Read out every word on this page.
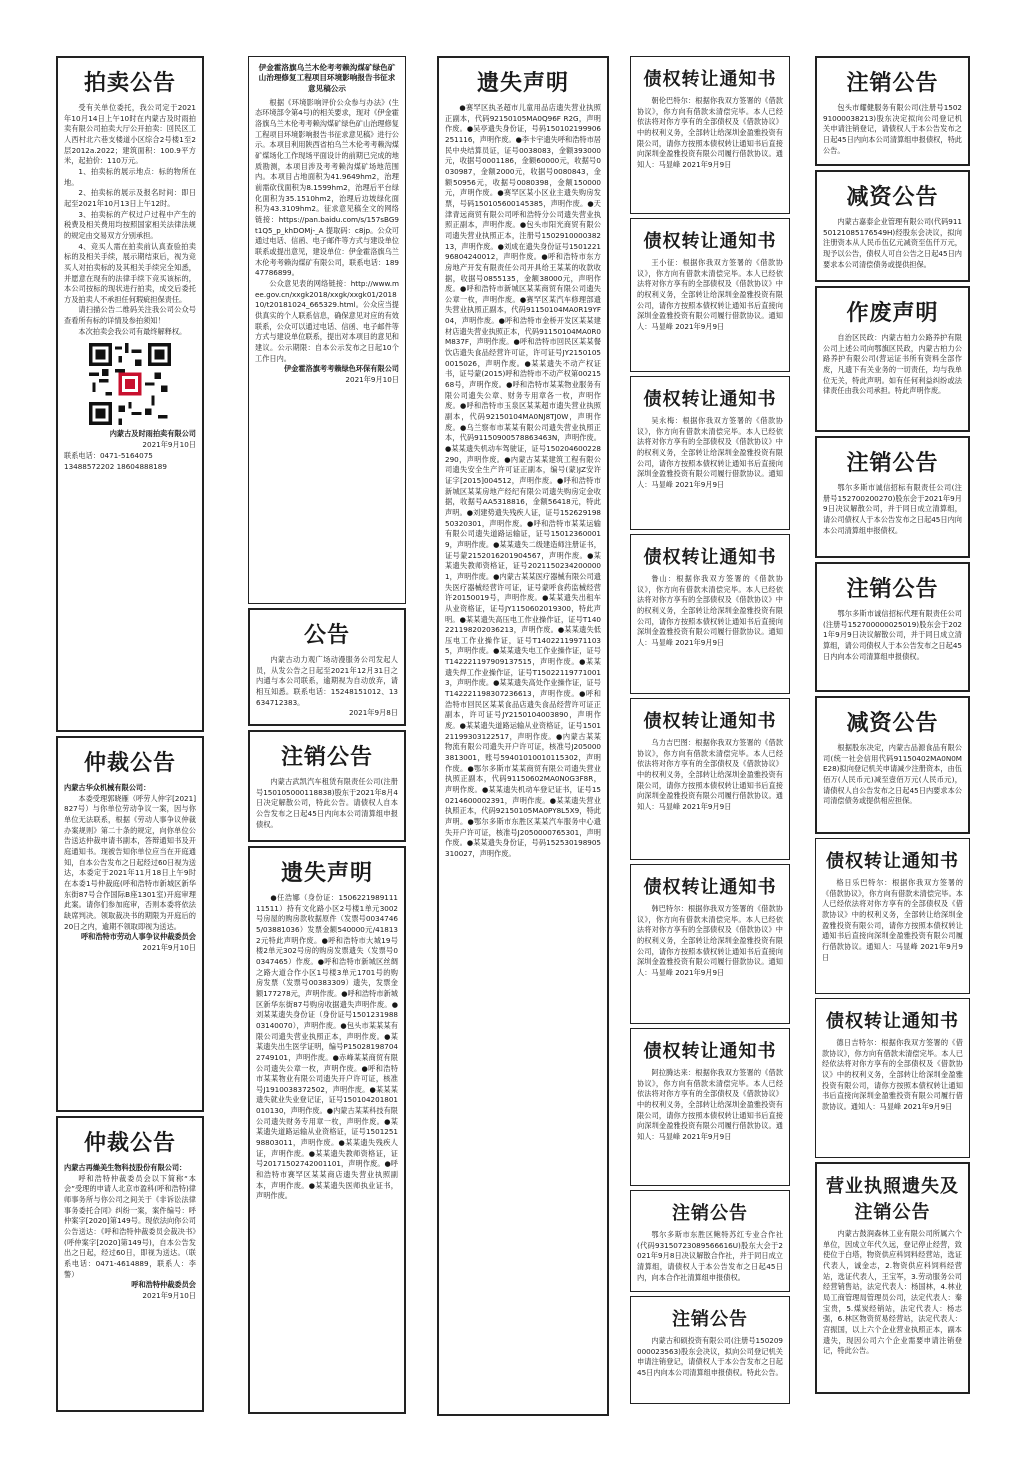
拍卖公告

受有关单位委托，我公司定于2021年10月14日上午10时在内蒙古及时雨拍卖有限公司拍卖大厅公开拍卖：回民区工人西村北六巷支楼道小区综合2号楼1至2层2012a.2022；建筑面积：100.9平方米，起拍价：110万元。

1、拍卖标的展示地点：标的物所在地。

2、拍卖标的展示及报名时间：即日起至2021年10月13日上午12时。

3、拍卖标的产权过户过程中产生的税费及相关费用均按照国家相关法律法规的规定由交易双方分别承担。

4、竞买人需在拍卖前认真查验拍卖标的及相关手续，展示期结束后，视为竞买人对拍卖标的及其相关手续完全知悉，并愿意在现有的法律手续下竞买该标的，本公司按标的现状进行拍卖，成交后委托方及拍卖人不承担任何瑕疵担保责任。

请扫描公告二维码关注我公司公众号查看所有标的详情及参拍须知！

本次拍卖会我公司有最终解释权。

内蒙古及时雨拍卖有限公司
2021年9月10日
联系电话：0471-5164075
13488572202 18604888189
仲裁公告

内蒙古华众机械有限公司：

本委受理郭晓雁（呼劳人仲字[2021]827号）与你单位劳动争议一案，因与你单位无法联系，根据《劳动人事争议仲裁办案规则》第二十条的规定，向你单位公告送达仲裁申请书副本，答辩通知书及开庭通知书。现被告知你单位应当在开庭通知，自本公告发布之日起经过60日视为送达，本委定于2021年11月18日上午9时在本委1号仲裁庭(呼和浩特市新城区新华东街87号合作国际B座1301室)开庭审理此案。请你们参加庭审，否则本委将依法缺席判决。领取裁决书的期限为开庭后的20日之内，逾期不领取即视为送达。

呼和浩特市劳动人事争议仲裁委员会
2021年9月10日
仲裁公告

内蒙古再燥美生物科技股份有限公司：

呼和浩特仲裁委员会以下简称“本会”受理的申请人北京市盈科(呼和浩特)律师事务所与你公司之间关于《非诉讼法律事务委托合同》纠纷一案，案件编号：呼仲案字[2020]第149号。现依法向你公司公告送达：《呼和浩特仲裁委员会裁决书》(呼仲案字[2020]第149号)，自本公告发出之日起，经过60日，即视为送达。（联系电话：0471-4614889，联系人：李警）

呼和浩特仲裁委员会
2021年9月10日
伊金霍洛旗乌兰木伦考考赖沟煤矿绿色矿山治理修复工程项目环境影响报告书征求意见稿公示

根据《环境影响评价公众参与办法》(生态环境部令第4号)的相关要求，现对《伊金霍洛旗乌兰木伦考考赖沟煤矿绿色矿山治理修复工程项目环境影响报告书征求意见稿》进行公示。本项目利用陕西省柏乌兰木伦考考赖沟煤矿煤场化工作现场平面设计的前期已完成的地质勘测，本项目涉及考考赖沟煤矿场地范围内。本项目占地面积为41.9649hm2，治理前需砍伐面积为8.1599hm2，治理后平台绿化面积为35.1510hm2，治理后边坡绿化面积为43.3109hm2。征求意见稿全文的网络链接：https://pan.baidu.com/s/157sBG9t1Q5_p_khDOMj-_A 提取码：c8jp。公众可通过电话、信函、电子邮件等方式与建设单位联系或提出意见，建设单位：伊金霍洛旗乌兰木伦考考赖沟煤矿有限公司，联系电话：18947786899。

公众意见表的网络链接：http://www.mee.gov.cn/xxgk2018/xxgk/xxgk01/201810/t20181024_665329.html。公众应当提供真实的个人联系信息，确保意见对应的有效联系，公众可以通过电话、信函、电子邮件等方式与建设单位联系，提出对本项目的意见和建议。公示期限：自本公示发布之日起10个工作日内。

伊金霍洛旗考考赖绿色环保有限公司
2021年9月10日
公告

内蒙古动力观广场动漫服务公司发起人员，从发公告之日起至2021年12月31日之内通与本公司联系，逾期视为自动放弃，请相互知悉。联系电话：15248151012、13634712383。

2021年9月8日
注销公告

内蒙古武凯汽车租赁有限责任公司(注册号150105000118838)股东于2021年8月4日决定解散公司，特此公告。请债权人自本公告发布之日起45日内向本公司清算组申报债权。

遗失声明

●任浩娜（身份证：150622198911111511）持有文化路小区2号楼1单元3002号房屋的购房款收据原件（发票号00347465/03881036）发票金额540000元/418132元特此声明作废。●呼和浩特市大城19号楼2单元302号房的购房发票遗失（发票号00347465）作废。●呼和浩特市新城区丝绸之路大道合作小区1号楼3单元1701号的购房发票（发票号00383309）遗失，发票金额177278元，声明作废。●呼和浩特市新城区新华东街87号购房收据遗失声明作废。●刘某某遗失身份证（身份证号150123198803140070），声明作废。●包头市某某某有限公司遗失营业执照正本，声明作废。●某某遗失出生医学证明，编号P150281987042749101，声明作废。●赤峰某某商贸有限公司遗失公章一枚，声明作废。●呼和浩特市某某物业有限公司遗失开户许可证，核准号J1910038372502，声明作废。●某某某遗失就业失业登记证，证号150104201801010130，声明作废。●内蒙古某某科技有限公司遗失财务专用章一枚，声明作废。●某某遗失道路运输从业资格证，证号150125198803011，声明作废。●某某遗失残疾人证，声明作废。●某某遗失教师资格证，证号20171502742001101，声明作废。●呼和浩特市赛罕区某某商店遗失营业执照副本，声明作废。●某某遗失医师执业证书，声明作废。

遗失声明

●赛罕区执圣超市儿童用品店遗失营业执照正副本，代码92150105MA0Q96F R2G，声明作废。●吴亭遗失身份证，号码150102199906251116，声明作废。●李卡宇遗失呼和浩特市居民中央结算员证，证号0038083，金额393000元，收据号0001186，金额60000元，收据号0030987，金额2000元，收据号0080843，金额50956元，收据号0080398，金额150000元，声明作废。●赛罕区某小区业主遗失购房发票，号码150105600145385，声明作废。●天津青远商贸有限公司呼和浩特分公司遗失营业执照正副本，声明作废。●包头市阳光商贸有限公司遗失营业执照正本，注册号150291000038213，声明作废。●刘成在遗失身份证号150122196804240012，声明作废。●呼和浩特市东方房地产开发有限责任公司开具给王某某的收款收据，收据号0855135，金额38000元，声明作废。●呼和浩特市新城区某某商贸有限公司遗失公章一枚，声明作废。●赛罕区某汽车修理部遗失营业执照正副本，代码91150104MA0R19YF04，声明作废。●呼和浩特市金桥开发区某某建材店遗失营业执照正本，代码91150104MA0R0M837F，声明作废。●呼和浩特市回民区某某餐饮店遗失食品经营许可证，许可证号JY21501050015026，声明作废。●某某遗失不动产权证书，证号蒙(2015)呼和浩特市不动产权第0021568号，声明作废。●呼和浩特市某某物业服务有限公司遗失公章、财务专用章各一枚，声明作废。●呼和浩特市玉泉区某某超市遗失营业执照副本，代码92150104MA0NJ8TJ0W，声明作废。●乌兰察布市某某有限公司遗失营业执照正本，代码91150900578863463N，声明作废。●某某遗失机动车驾驶证，证号150204600228290，声明作废。●内蒙古某某建筑工程有限公司遗失安全生产许可证正副本，编号(蒙)JZ安许证字[2015]004512，声明作废。●呼和浩特市新城区某某房地产经纪有限公司遗失购房定金收据，收据号AA5318816，金额56418元，特此声明。●刘建势遗失残疾人证，证号15262919850320301，声明作废。●呼和浩特市某某运输有限公司遗失道路运输证，证号150123600019，声明作废。●某某遗失二级建造师注册证书，证号蒙2152016201904567，声明作废。●某某遗失教师资格证，证号20211502342000001，声明作废。●内蒙古某某医疗器械有限公司遗失医疗器械经营许可证，证号蒙呼食药监械经营许20150019号，声明作废。●某某遗失出租车从业资格证，证号JY1150602019300，特此声明。●某某遗失高压电工作业操作证，证号T140221198202036213，声明作废。●某某遗失低压电工作业操作证，证号T140221199711035，声明作废。●某某遗失电工作业操作证，证号T142221197909137515，声明作废。●某某遗失焊工作业操作证，证号T150221197710013，声明作废。●某某遗失高处作业操作证，证号T142221198307236613，声明作废。●呼和浩特市回民区某某食品店遗失食品经营许可证正副本，许可证号JY2150104003890，声明作废。●某某遗失道路运输从业资格证，证号150121199303122517，声明作废。●内蒙古某某物流有限公司遗失开户许可证，核准号J2050003813001，账号59401010010115302，声明作废。●鄂尔多斯市某某商贸有限公司遗失营业执照正副本，代码91150602MA0N0G3F8R，声明作废。●某某遗失机动车登记证书，证号150214600002391，声明作废。●某某遗失营业执照正本，代码92150105MA0PY8L5X9，特此声明。●鄂尔多斯市东胜区某某汽车服务中心遗失开户许可证，核准号J2050000765301，声明作废。●某某遗失身份证，号码152530198905310027，声明作废。

债权转让通知书

朝伦巴特尔：根据你我双方签署的《借款协议》，你方向有借款未清偿完毕。本人已经依法将对你方享有的全部债权及《借款协议》中的权利义务，全部转让给深圳金盈雅投资有限公司，请你方按照本债权转让通知书后直接向深圳金盈雅投资有限公司履行借款协议。通知人：马显峰 2021年9月9日

债权转让通知书

王小征：根据你我双方签署的《借款协议》，你方向有借款未清偿完毕。本人已经依法将对你方享有的全部债权及《借款协议》中的权利义务，全部转让给深圳金盈雅投资有限公司，请你方按照本债权转让通知书后直接向深圳金盈雅投资有限公司履行借款协议。通知人：马显峰 2021年9月9日

债权转让通知书

吴永梅：根据你我双方签署的《借款协议》，你方向有借款未清偿完毕。本人已经依法将对你方享有的全部债权及《借款协议》中的权利义务，全部转让给深圳金盈雅投资有限公司，请你方按照本债权转让通知书后直接向深圳金盈雅投资有限公司履行借款协议。通知人：马显峰 2021年9月9日

债权转让通知书

鲁山：根据你我双方签署的《借款协议》，你方向有借款未清偿完毕。本人已经依法将对你方享有的全部债权及《借款协议》中的权利义务，全部转让给深圳金盈雅投资有限公司，请你方按照本债权转让通知书后直接向深圳金盈雅投资有限公司履行借款协议。通知人：马显峰 2021年9月9日

债权转让通知书

乌力吉巴图：根据你我双方签署的《借款协议》，你方向有借款未清偿完毕。本人已经依法将对你方享有的全部债权及《借款协议》中的权利义务，全部转让给深圳金盈雅投资有限公司，请你方按照本债权转让通知书后直接向深圳金盈雅投资有限公司履行借款协议。通知人：马显峰 2021年9月9日

债权转让通知书

韩巴特尔：根据你我双方签署的《借款协议》，你方向有借款未清偿完毕。本人已经依法将对你方享有的全部债权及《借款协议》中的权利义务，全部转让给深圳金盈雅投资有限公司，请你方按照本债权转让通知书后直接向深圳金盈雅投资有限公司履行借款协议。通知人：马显峰 2021年9月9日

债权转让通知书

阿拉腾达来：根据你我双方签署的《借款协议》，你方向有借款未清偿完毕。本人已经依法将对你方享有的全部债权及《借款协议》中的权利义务，全部转让给深圳金盈雅投资有限公司，请你方按照本债权转让通知书后直接向深圳金盈雅投资有限公司履行借款协议。通知人：马显峰 2021年9月9日

注销公告

鄂尔多斯市东胜区鲍特苏红专业合作社(代码93150723089566616U)股东大会于2021年9月8日决议解散合作社，并于同日成立清算组，请债权人于本公告发布之日起45日内，向本合作社清算组申报债权。

注销公告

内蒙古和硕投资有限公司(注册号150209000023563)股东会决议，拟向公司登记机关申请注销登记，请债权人于本公告发布之日起45日内向本公司清算组申报债权。特此公告。

注销公告

包头市耀健服务有限公司(注册号150291000038213)股东决定拟向公司登记机关申请注销登记，请债权人于本公告发布之日起45日内向本公司清算组申报债权，特此公告。

减资公告

内蒙古嘉泰企业管理有限公司(代码91150121085176549H)经股东会决议，拟向注册资本从人民币伍亿元减资至伍仟万元，现予以公告，债权人可自公告之日起45日内要求本公司清偿债务或提供担保。

作废声明

自治区民政：内蒙古柏力公路养护有限公司上述公司向鄂旗区民政，内蒙古柏力公路养护有限公司(营运证书所有资料全部作废，凡遗下有关业务的一切责任，均与我单位无关，特此声明。如有任何利益纠纷或法律责任由我公司承担。特此声明作废。

注销公告

鄂尔多斯市诚信招标有限责任公司(注册号152700200270)股东会于2021年9月9日决议解散公司，并于同日成立清算组，请公司债权人于本公告发布之日起45日内向本公司清算组申报债权。

注销公告

鄂尔多斯市诚信招标代理有限责任公司(注册号152700000025019)股东会于2021年9月9日决议解散公司，并于同日成立清算组，请公司债权人于本公告发布之日起45日内向本公司清算组申报债权。

减资公告

根据股东决定，内蒙古品源食品有限公司(统一社会信用代码91150402MA0N0ME28)拟向登记机关申请减少注册资本，由伍佰万(人民币元)减至壹佰万元(人民币元)，请债权人自公告发布之日起45日内要求本公司清偿债务或提供相应担保。

债权转让通知书

格日乐巴特尔：根据你我双方签署的《借款协议》，你方向有借款未清偿完毕。本人已经依法将对你方享有的全部债权及《借款协议》中的权利义务，全部转让给深圳金盈雅投资有限公司，请你方按照本债权转让通知书后直接向深圳金盈雅投资有限公司履行借款协议。通知人：马显峰 2021年9月9日

债权转让通知书

德日吉特尔：根据你我双方签署的《借款协议》，你方向有借款未清偿完毕。本人已经依法将对你方享有的全部债权及《借款协议》中的权利义务，全部转让给深圳金盈雅投资有限公司，请你方按照本债权转让通知书后直接向深圳金盈雅投资有限公司履行借款协议。通知人：马显峰 2021年9月9日

营业执照遗失及注销公告

内蒙古鼓润森林工业有限公司所属六个单位，因成立年代久远，登记停止经营，致使位于白塔，物资供应科饲料经营站，选证代表人，诚金志，2.物资供应科饲料经营站，选证代表人，王宝军，3.劳动服务公司经营销售站，法定代表人：杨国林，4.林业局工商管理局管理员公司，法定代表人：秦宝贵，5.煤炭经销站，法定代表人：杨志强，6.林区物资贸易经营站，法定代表人：宫振国，以上六个企业营业执照正本，副本遗失，现因公司六个企业需要申请注销登记，特此公告。
